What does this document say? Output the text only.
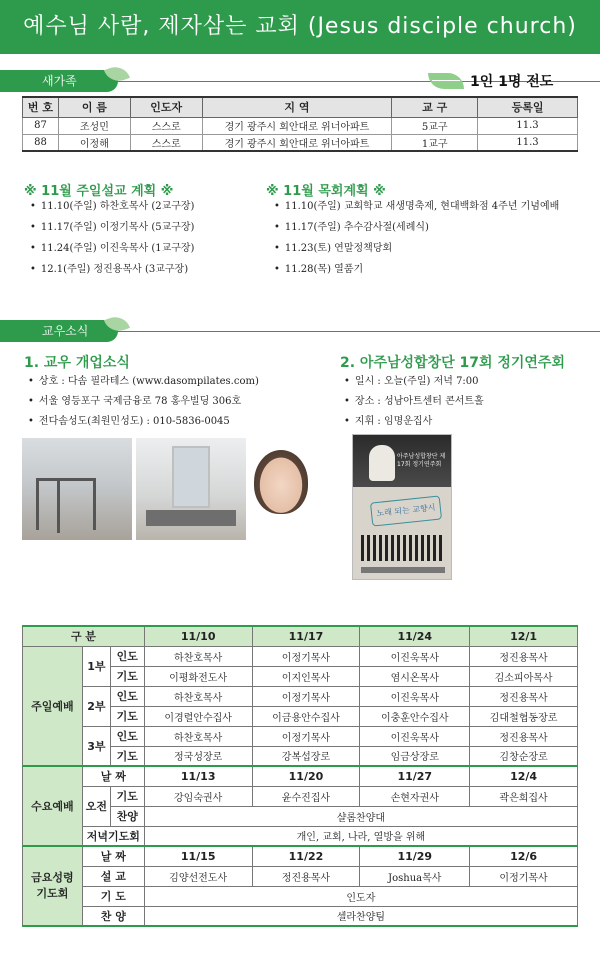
예수님 사람, 제자삼는 교회 (Jesus disciple church)
새가족	1인 1명 전도
번 호	이 름	인도자	지 역	교 구	등록일
87	조성민	스스로	경기 광주시 회안대로 위너아파트	5교구	11.3
88	이정해	스스로	경기 광주시 회안대로 위너아파트	1교구	11.3
※ 11월 주일설교 계획 ※
• 11.10(주일) 하찬호목사 (2교구장)
• 11.17(주일) 이정기목사 (5교구장)
• 11.24(주일) 이진욱목사 (1교구장)
• 12.1(주일) 정진용목사 (3교구장)
※ 11월 목회계획 ※
• 11.10(주일) 교회학교 새생명축제, 현대백화점 4주년 기념예배
• 11.17(주일) 추수감사절(세례식)
• 11.23(토) 연말정책당회
• 11.28(목) 열품기
교우소식
1. 교우 개업소식
• 상호 : 다솜 필라테스 (www.dasompilates.com)
• 서울 영등포구 국제금융로 78 홍우빌딩 306호
• 전다솜성도(최원민성도) : 010-5836-0045
2. 아주남성합창단 17회 정기연주회
• 일시 : 오늘(주일) 저녁 7:00
• 장소 : 성남아트센터 콘서트홀
• 지휘 : 임명운집사
아주남성합창단 제17회 정기연주회
노래 되는 교향시
구 분			11/10	11/17	11/24	12/1
주일예배	1부	인도	하찬호목사	이정기목사	이진욱목사	정진용목사
		기도	이평화전도사	이지인목사	염시온목사	김소피아목사
	2부	인도	하찬호목사	이정기목사	이진욱목사	정진용목사
		기도	이경렬안수집사	이금용안수집사	이충훈안수집사	김대철협동장로
	3부	인도	하찬호목사	이정기목사	이진욱목사	정진용목사
		기도	정국성장로	강복섭장로	임금상장로	김창순장로
수요예배	날 짜		11/13	11/20	11/27	12/4
	오전	기도	강임숙권사	윤수진집사	손현자권사	곽은희집사
		찬양	샬롬찬양대			
	저녁기도회		개인, 교회, 나라, 열방을 위해			
금요성령 기도회	날 짜		11/15	11/22	11/29	12/6
	설 교		김양선전도사	정진용목사	Joshua목사	이정기목사
	기 도		인도자			
	찬 양		셀라찬양팀			
